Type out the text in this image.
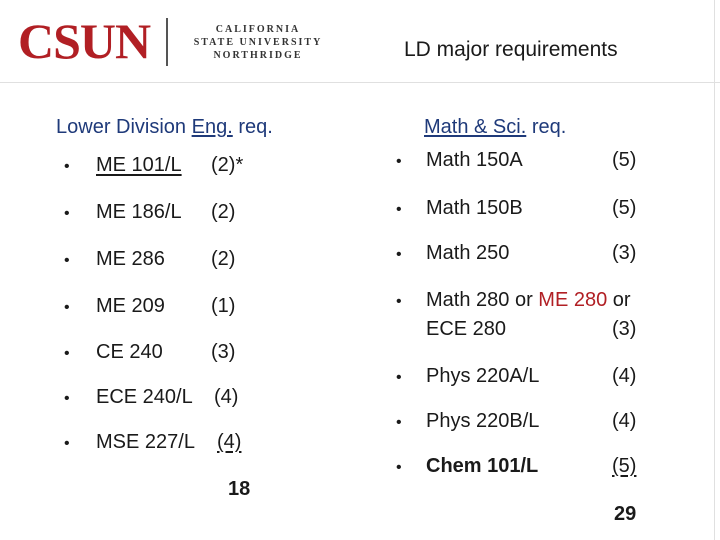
CSUN	CALIFORNIA
STATE UNIVERSITY
NORTHRIDGE	LD major requirements
Lower Division Eng. req.
• ME 101/L (2)*
• ME 186/L (2)
• ME 286 (2)
• ME 209 (1)
• CE 240 (3)
• ECE 240/L (4)
• MSE 227/L (4)
18
Math & Sci. req.
• Math 150A	(5)
• Math 150B	(5)
• Math 250	(3)
• Math 280 or ME 280 or
ECE 280	(3)
• Phys 220A/L	(4)
• Phys 220B/L	(4)
• Chem 101/L	(5)
29
